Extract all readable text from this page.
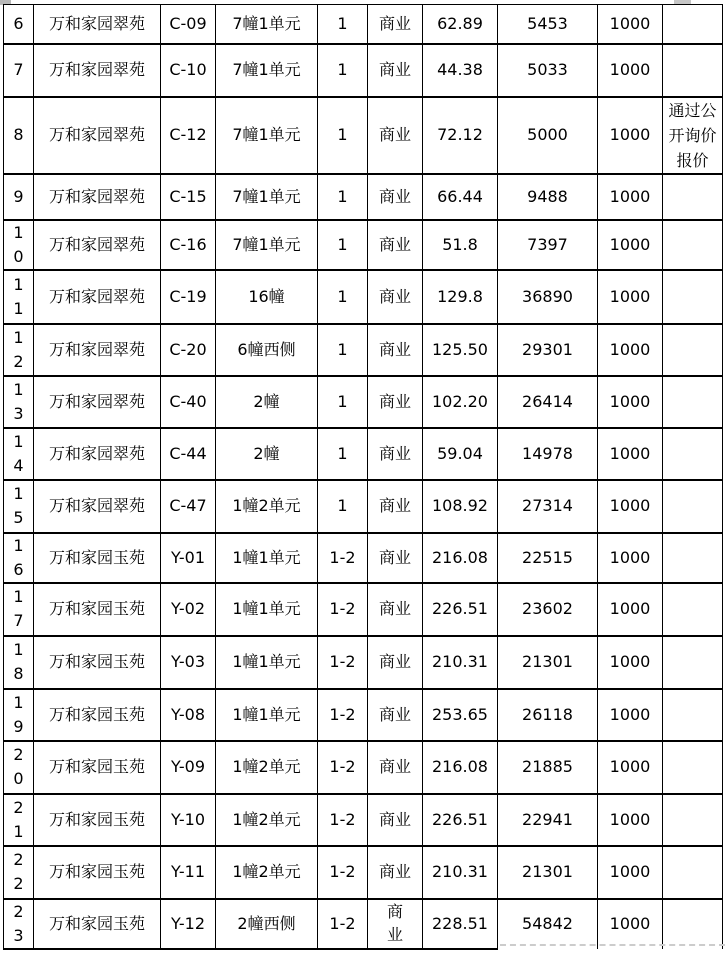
6	万和家园翠苑	C-09	7幢1单元	1	商业	62.89	5453	1000	
7	万和家园翠苑	C-10	7幢1单元	1	商业	44.38	5033	1000	
8	万和家园翠苑	C-12	7幢1单元	1	商业	72.12	5000	1000	通过公开询价报价
9	万和家园翠苑	C-15	7幢1单元	1	商业	66.44	9488	1000	
10	万和家园翠苑	C-16	7幢1单元	1	商业	51.8	7397	1000	
11	万和家园翠苑	C-19	16幢	1	商业	129.8	36890	1000	
12	万和家园翠苑	C-20	6幢西侧	1	商业	125.50	29301	1000	
13	万和家园翠苑	C-40	2幢	1	商业	102.20	26414	1000	
14	万和家园翠苑	C-44	2幢	1	商业	59.04	14978	1000	
15	万和家园翠苑	C-47	1幢2单元	1	商业	108.92	27314	1000	
16	万和家园玉苑	Y-01	1幢1单元	1-2	商业	216.08	22515	1000	
17	万和家园玉苑	Y-02	1幢1单元	1-2	商业	226.51	23602	1000	
18	万和家园玉苑	Y-03	1幢1单元	1-2	商业	210.31	21301	1000	
19	万和家园玉苑	Y-08	1幢1单元	1-2	商业	253.65	26118	1000	
20	万和家园玉苑	Y-09	1幢2单元	1-2	商业	216.08	21885	1000	
21	万和家园玉苑	Y-10	1幢2单元	1-2	商业	226.51	22941	1000	
22	万和家园玉苑	Y-11	1幢2单元	1-2	商业	210.31	21301	1000	
23	万和家园玉苑	Y-12	2幢西侧	1-2	商业	228.51	54842	1000	
